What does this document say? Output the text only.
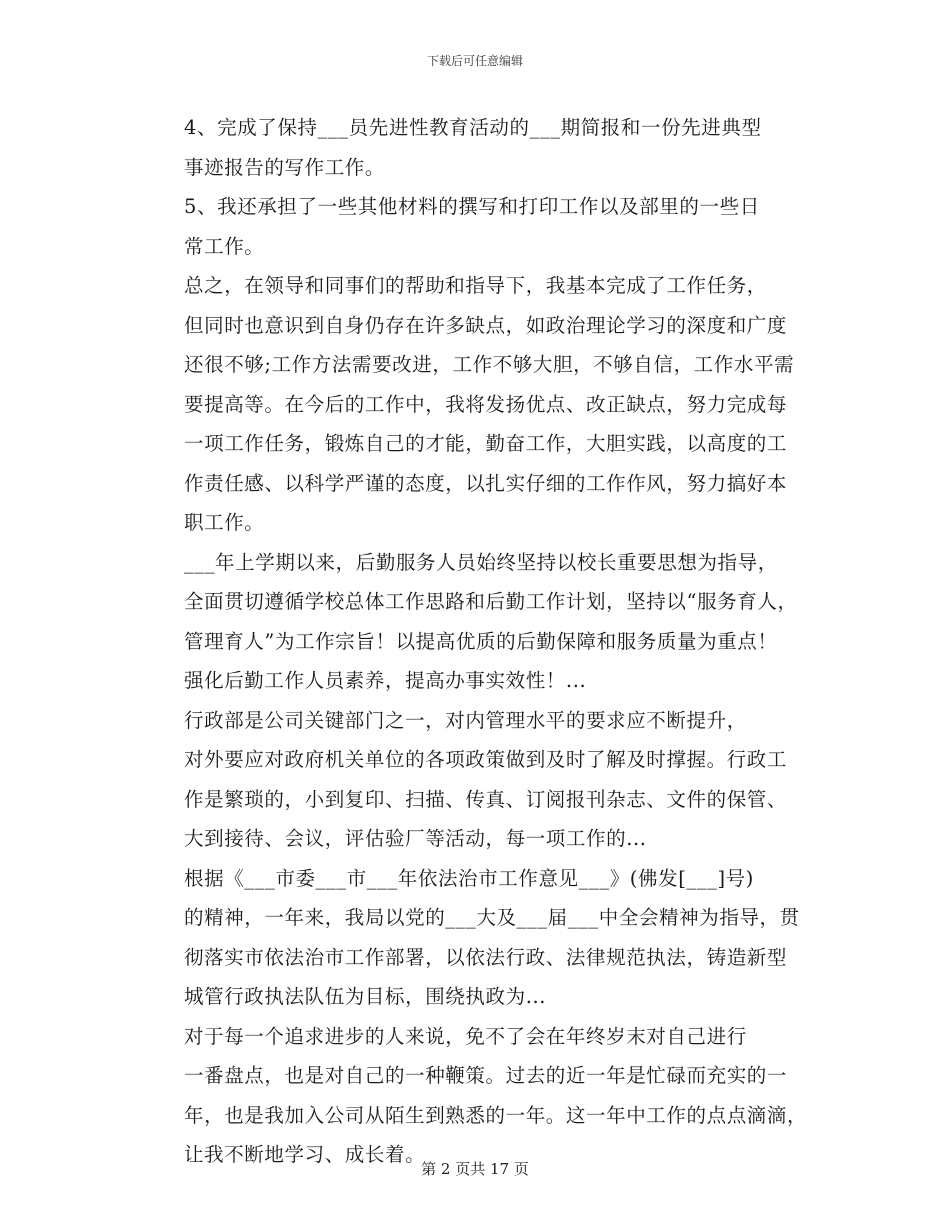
下载后可任意编辑

4、完成了保持___员先进性教育活动的___期简报和一份先进典型
事迹报告的写作工作。

5、我还承担了一些其他材料的撰写和打印工作以及部里的一些日
常工作。

总之，在领导和同事们的帮助和指导下，我基本完成了工作任务，
但同时也意识到自身仍存在许多缺点，如政治理论学习的深度和广度
还很不够;工作方法需要改进，工作不够大胆，不够自信，工作水平需
要提高等。在今后的工作中，我将发扬优点、改正缺点，努力完成每
一项工作任务，锻炼自己的才能，勤奋工作，大胆实践，以高度的工
作责任感、以科学严谨的态度，以扎实仔细的工作作风，努力搞好本
职工作。

___年上学期以来，后勤服务人员始终坚持以校长重要思想为指导，
全面贯切遵循学校总体工作思路和后勤工作计划，坚持以“服务育人，
管理育人”为工作宗旨！以提高优质的后勤保障和服务质量为重点！
强化后勤工作人员素养，提高办事实效性！...

行政部是公司关键部门之一，对内管理水平的要求应不断提升，
对外要应对政府机关单位的各项政策做到及时了解及时撑握。行政工
作是繁琐的，小到复印、扫描、传真、订阅报刊杂志、文件的保管、
大到接待、会议，评估验厂等活动，每一项工作的...

根据《___市委___市___年依法治市工作意见___》(佛发[___]号)
的精神，一年来，我局以党的___大及___届___中全会精神为指导，贯
彻落实市依法治市工作部署，以依法行政、法律规范执法，铸造新型
城管行政执法队伍为目标，围绕执政为...

对于每一个追求进步的人来说，免不了会在年终岁末对自己进行
一番盘点，也是对自己的一种鞭策。过去的近一年是忙碌而充实的一
年，也是我加入公司从陌生到熟悉的一年。这一年中工作的点点滴滴，
让我不断地学习、成长着。

第 2 页共 17 页
